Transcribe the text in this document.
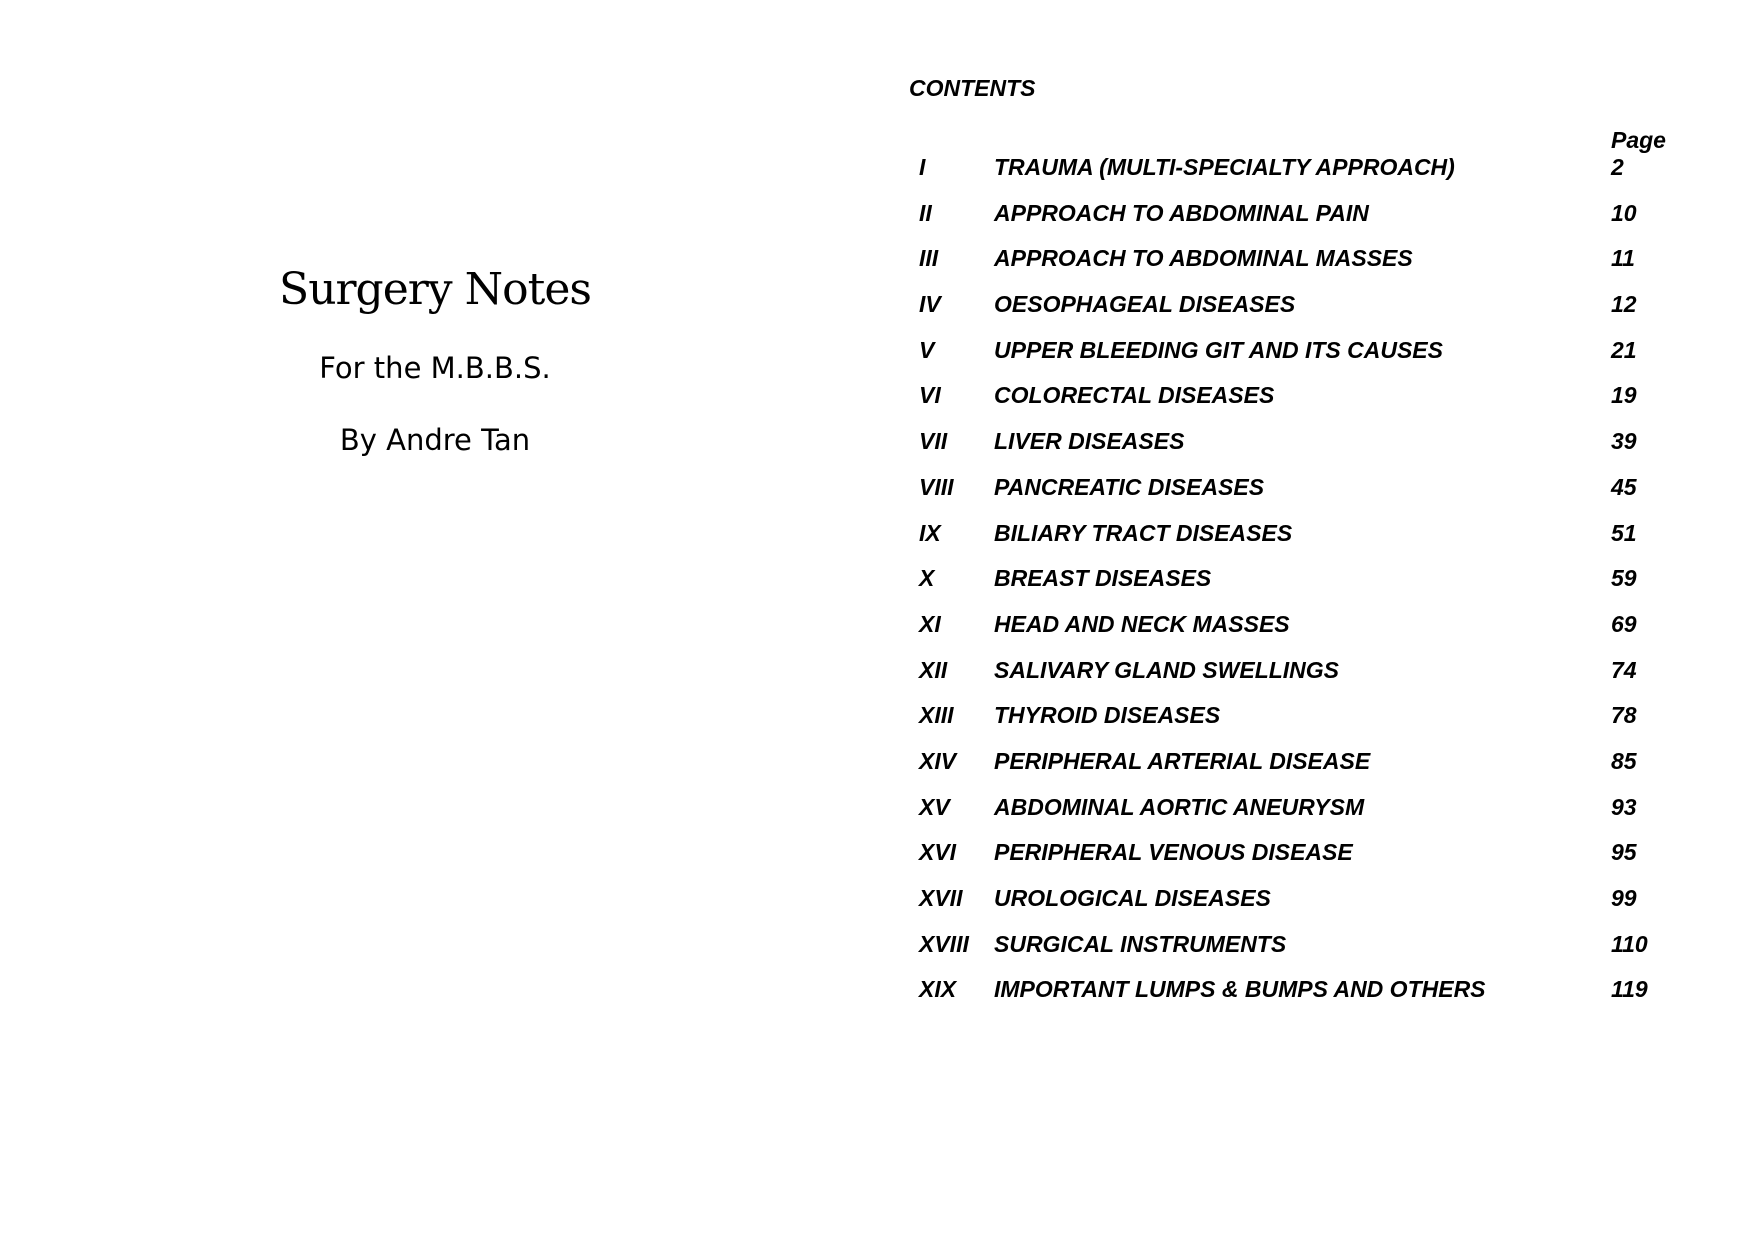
Surgery Notes
For the M.B.B.S.
By Andre Tan
CONTENTS
Page
I	TRAUMA (MULTI-SPECIALTY APPROACH)	2
II	APPROACH TO ABDOMINAL PAIN	10
III APPROACH TO ABDOMINAL MASSES	11
IV OESOPHAGEAL DISEASES	12
V	UPPER BLEEDING GIT AND ITS CAUSES	21
VI COLORECTAL DISEASES	19
VII LIVER DISEASES	39
VIII PANCREATIC DISEASES	45
IX BILIARY TRACT DISEASES	51
X	BREAST DISEASES	59
XI HEAD AND NECK MASSES	69
XII SALIVARY GLAND SWELLINGS	74
XIII THYROID DISEASES	78
XIV PERIPHERAL ARTERIAL DISEASE	85
XV ABDOMINAL AORTIC ANEURYSM	93
XVI PERIPHERAL VENOUS DISEASE	95
XVII UROLOGICAL DISEASES	99
XVIII SURGICAL INSTRUMENTS	110
XIX IMPORTANT LUMPS & BUMPS AND OTHERS	119
